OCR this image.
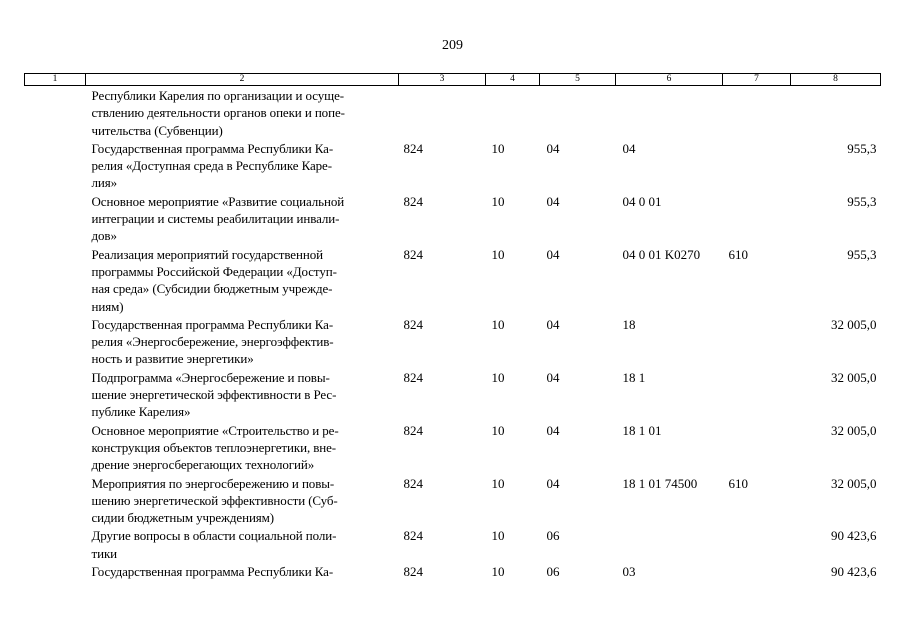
209
1	2	3	4	5	6	7	8

	Республики Карелия по организации и осуще-
ствлению деятельности органов опеки и попе-
чительства (Субвенции)						

	Государственная программа Республики Ка-
релия «Доступная среда в Республике Каре-
лия»	824	10	04	04		955,3

	Основное мероприятие «Развитие социальной
интеграции и системы реабилитации инвали-
дов»	824	10	04	04 0 01		955,3

	Реализация мероприятий государственной
программы Российской Федерации «Доступ-
ная среда» (Субсидии бюджетным учрежде-
ниям)	824	10	04	04 0 01 K0270	610	955,3

	Государственная программа Республики Ка-
релия «Энергосбережение, энергоэффектив-
ность и развитие энергетики»	824	10	04	18		32 005,0

	Подпрограмма «Энергосбережение и повы-
шение энергетической эффективности в Рес-
публике Карелия»	824	10	04	18 1		32 005,0

	Основное мероприятие «Строительство и ре-
конструкция объектов теплоэнергетики, вне-
дрение энергосберегающих технологий»	824	10	04	18 1 01		32 005,0

	Мероприятия по энергосбережению и повы-
шению энергетической эффективности (Суб-
сидии бюджетным учреждениям)	824	10	04	18 1 01 74500	610	32 005,0

	Другие вопросы в области социальной поли-
тики	824	10	06			90 423,6

	Государственная программа Республики Ка-	824	10	06	03		90 423,6
